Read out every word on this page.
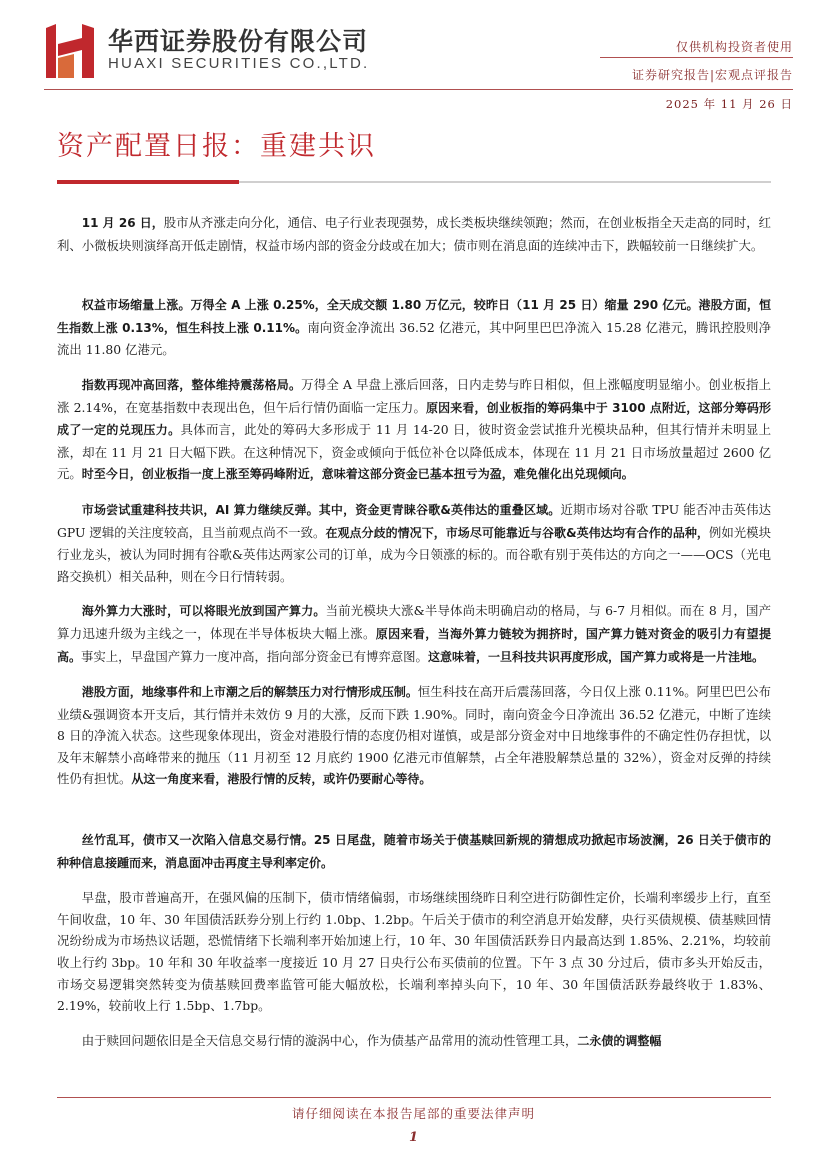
华西证券股份有限公司
HUAXI SECURITIES CO.,LTD.
仅供机构投资者使用
证券研究报告|宏观点评报告
2025 年 11 月 26 日
资产配置日报：重建共识

11 月 26 日，股市从齐涨走向分化，通信、电子行业表现强势，成长类板块继续领跑；然而，在创业板指全天走高的同时，红利、小微板块则演绎高开低走剧情，权益市场内部的资金分歧或在加大；债市则在消息面的连续冲击下，跌幅较前一日继续扩大。

权益市场缩量上涨。万得全 A 上涨 0.25%，全天成交额 1.80 万亿元，较昨日（11 月 25 日）缩量 290 亿元。港股方面，恒生指数上涨 0.13%，恒生科技上涨 0.11%。南向资金净流出 36.52 亿港元，其中阿里巴巴净流入 15.28 亿港元，腾讯控股则净流出 11.80 亿港元。

指数再现冲高回落，整体维持震荡格局。万得全 A 早盘上涨后回落，日内走势与昨日相似，但上涨幅度明显缩小。创业板指上涨 2.14%，在宽基指数中表现出色，但午后行情仍面临一定压力。原因来看，创业板指的筹码集中于 3100 点附近，这部分筹码形成了一定的兑现压力。具体而言，此处的筹码大多形成于 11 月 14-20 日，彼时资金尝试推升光模块品种，但其行情并未明显上涨，却在 11 月 21 日大幅下跌。在这种情况下，资金或倾向于低位补仓以降低成本，体现在 11 月 21 日市场放量超过 2600 亿元。时至今日，创业板指一度上涨至筹码峰附近，意味着这部分资金已基本扭亏为盈，难免催化出兑现倾向。

市场尝试重建科技共识，AI 算力继续反弹。其中，资金更青睐谷歌&英伟达的重叠区域。近期市场对谷歌 TPU 能否冲击英伟达 GPU 逻辑的关注度较高，且当前观点尚不一致。在观点分歧的情况下，市场尽可能靠近与谷歌&英伟达均有合作的品种，例如光模块行业龙头，被认为同时拥有谷歌&英伟达两家公司的订单，成为今日领涨的标的。而谷歌有别于英伟达的方向之一——OCS（光电路交换机）相关品种，则在今日行情转弱。

海外算力大涨时，可以将眼光放到国产算力。当前光模块大涨&半导体尚未明确启动的格局，与 6-7 月相似。而在 8 月，国产算力迅速升级为主线之一，体现在半导体板块大幅上涨。原因来看，当海外算力链较为拥挤时，国产算力链对资金的吸引力有望提高。事实上，早盘国产算力一度冲高，指向部分资金已有博弈意图。这意味着，一旦科技共识再度形成，国产算力或将是一片洼地。

港股方面，地缘事件和上市潮之后的解禁压力对行情形成压制。恒生科技在高开后震荡回落，今日仅上涨 0.11%。阿里巴巴公布业绩&强调资本开支后，其行情并未效仿 9 月的大涨，反而下跌 1.90%。同时，南向资金今日净流出 36.52 亿港元，中断了连续 8 日的净流入状态。这些现象体现出，资金对港股行情的态度仍相对谨慎，或是部分资金对中日地缘事件的不确定性仍存担忧，以及年末解禁小高峰带来的抛压（11 月初至 12 月底约 1900 亿港元市值解禁，占全年港股解禁总量的 32%），资金对反弹的持续性仍有担忧。从这一角度来看，港股行情的反转，或许仍要耐心等待。

丝竹乱耳，债市又一次陷入信息交易行情。25 日尾盘，随着市场关于债基赎回新规的猜想成功掀起市场波澜，26 日关于债市的种种信息接踵而来，消息面冲击再度主导利率定价。

早盘，股市普遍高开，在强风偏的压制下，债市情绪偏弱，市场继续围绕昨日利空进行防御性定价，长端利率缓步上行，直至午间收盘，10 年、30 年国债活跃券分别上行约 1.0bp、1.2bp。午后关于债市的利空消息开始发酵，央行买债规模、债基赎回情况纷纷成为市场热议话题，恐慌情绪下长端利率开始加速上行，10 年、30 年国债活跃券日内最高达到 1.85%、2.21%，均较前收上行约 3bp。10 年和 30 年收益率一度接近 10 月 27 日央行公布买债前的位置。下午 3 点 30 分过后，债市多头开始反击，市场交易逻辑突然转变为债基赎回费率监管可能大幅放松，长端利率掉头向下，10 年、30 年国债活跃券最终收于 1.83%、2.19%，较前收上行 1.5bp、1.7bp。

由于赎回问题依旧是全天信息交易行情的漩涡中心，作为债基产品常用的流动性管理工具，二永债的调整幅

请仔细阅读在本报告尾部的重要法律声明
1
